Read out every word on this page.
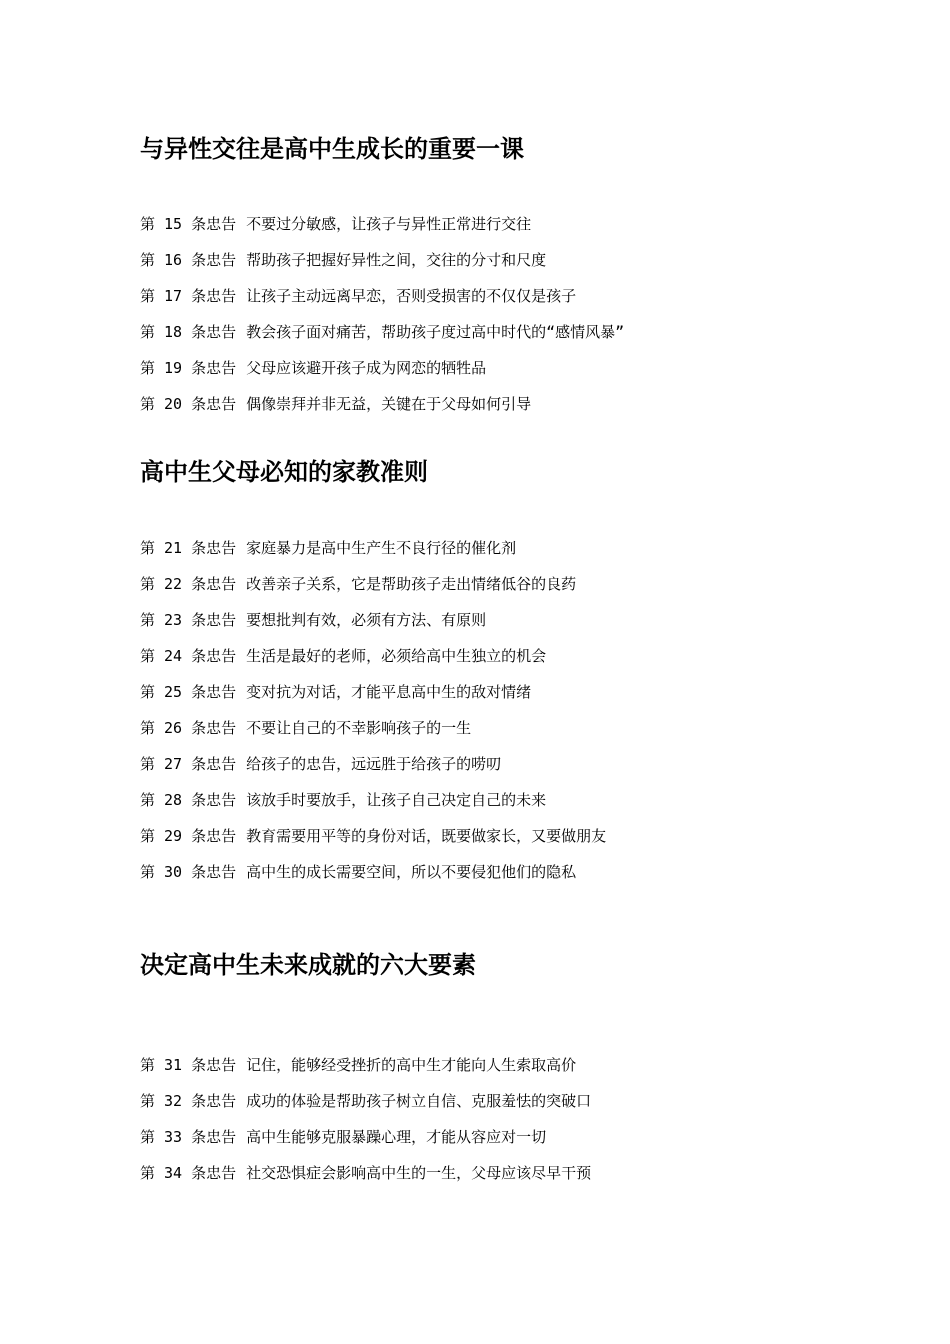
与异性交往是高中生成长的重要一课

第 15 条忠告 不要过分敏感，让孩子与异性正常进行交往

第 16 条忠告 帮助孩子把握好异性之间，交往的分寸和尺度

第 17 条忠告 让孩子主动远离早恋，否则受损害的不仅仅是孩子

第 18 条忠告 教会孩子面对痛苦，帮助孩子度过高中时代的“感情风暴”

第 19 条忠告 父母应该避开孩子成为网恋的牺牲品

第 20 条忠告 偶像崇拜并非无益，关键在于父母如何引导

高中生父母必知的家教准则

第 21 条忠告 家庭暴力是高中生产生不良行径的催化剂

第 22 条忠告 改善亲子关系，它是帮助孩子走出情绪低谷的良药

第 23 条忠告 要想批判有效，必须有方法、有原则

第 24 条忠告 生活是最好的老师，必须给高中生独立的机会

第 25 条忠告 变对抗为对话，才能平息高中生的敌对情绪

第 26 条忠告 不要让自己的不幸影响孩子的一生

第 27 条忠告 给孩子的忠告，远远胜于给孩子的唠叨

第 28 条忠告 该放手时要放手，让孩子自己决定自己的未来

第 29 条忠告 教育需要用平等的身份对话，既要做家长，又要做朋友

第 30 条忠告 高中生的成长需要空间，所以不要侵犯他们的隐私

决定高中生未来成就的六大要素

第 31 条忠告 记住，能够经受挫折的高中生才能向人生索取高价

第 32 条忠告 成功的体验是帮助孩子树立自信、克服羞怯的突破口

第 33 条忠告 高中生能够克服暴躁心理，才能从容应对一切

第 34 条忠告 社交恐惧症会影响高中生的一生，父母应该尽早干预
